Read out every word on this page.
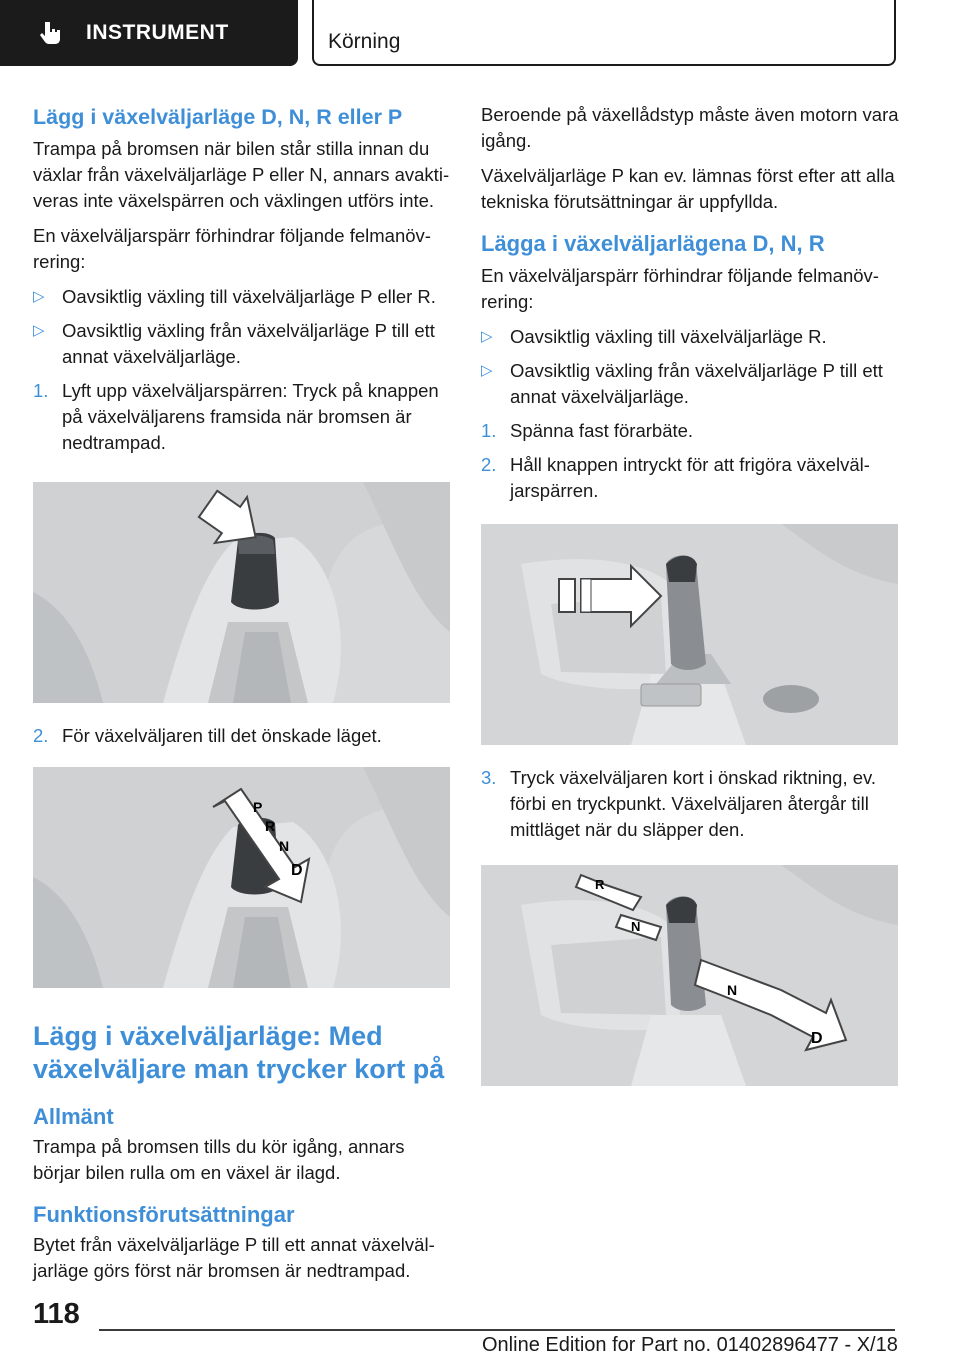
INSTRUMENT	Körning
Lägg i växelväljarläge D, N, R eller P
Trampa på bromsen när bilen står stilla innan du växlar från växelväljarläge P eller N, annars avaktiveras inte växelspärren och växlingen utförs inte.
En växelväljarspärr förhindrar följande felmanövrering:
▷ Oavsiktlig växling till växelväljarläge P eller R.
▷ Oavsiktlig växling från växelväljarläge P till ett annat växelväljarläge.
1. Lyft upp växelväljarspärren: Tryck på knappen på växelväljarens framsida när bromsen är nedtrampad.
2. För växelväljaren till det önskade läget.
P
R
N
D
Lägg i växelväljarläge: Med växelväljare man trycker kort på
Allmänt
Trampa på bromsen tills du kör igång, annars börjar bilen rulla om en växel är ilagd.
Funktionsförutsättningar
Bytet från växelväljarläge P till ett annat växelväljarläge görs först när bromsen är nedtrampad.
Beroende på växellådstyp måste även motorn vara igång.
Växelväljarläge P kan ev. lämnas först efter att alla tekniska förutsättningar är uppfyllda.
Lägga i växelväljarlägena D, N, R
En växelväljarspärr förhindrar följande felmanövrering:
▷ Oavsiktlig växling till växelväljarläge R.
▷ Oavsiktlig växling från växelväljarläge P till ett annat växelväljarläge.
1. Spänna fast förarbäte.
2. Håll knappen intryckt för att frigöra växelväljarspärren.
3. Tryck växelväljaren kort i önskad riktning, ev. förbi en tryckpunkt. Växelväljaren återgår till mittläget när du släpper den.
R
N
N
D
118
Online Edition for Part no. 01402896477 - X/18
